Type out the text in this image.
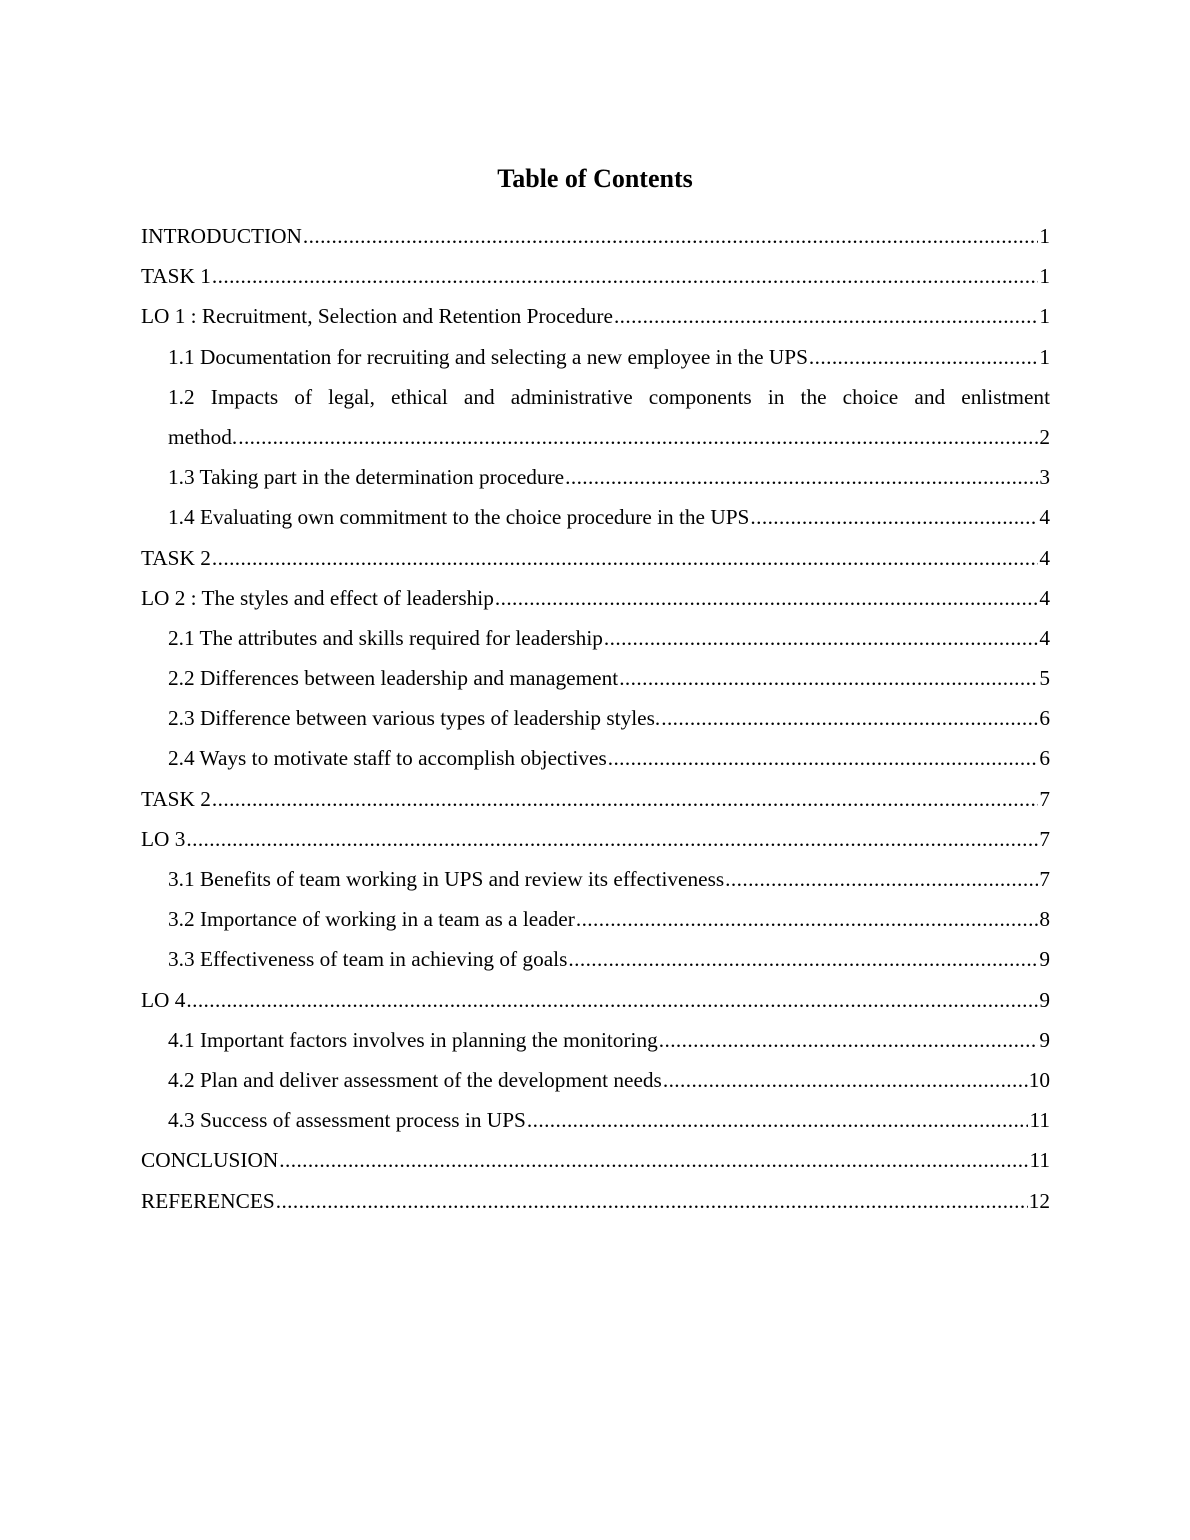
Table of Contents
INTRODUCTION .....	1
TASK 1 .....	1
LO 1 : Recruitment, Selection and Retention Procedure .....	1
1.1 Documentation for recruiting and selecting a new employee in the UPS .....	1
1.2 Impacts of legal, ethical and administrative components in the choice and enlistment
method. .....	2
1.3 Taking part in the determination procedure .....	3
1.4 Evaluating own commitment to the choice procedure in the UPS .....	4
TASK 2 .....	4
LO 2 : The styles and effect of leadership .....	4
2.1 The attributes and skills required for leadership .....	4
2.2 Differences between leadership and management .....	5
2.3 Difference between various types of leadership styles. .....	6
2.4 Ways to motivate staff to accomplish objectives .....	6
TASK 2 .....	7
LO 3 .....	7
3.1 Benefits of team working in UPS and review its effectiveness .....	7
3.2 Importance of working in a team as a leader .....	8
3.3 Effectiveness of team in achieving of goals .....	9
LO 4 .....	9
4.1 Important factors involves in planning the monitoring .....	9
4.2 Plan and deliver assessment of the development needs .....	10
4.3 Success of assessment process in UPS .....	11
CONCLUSION .....	11
REFERENCES .....	12
